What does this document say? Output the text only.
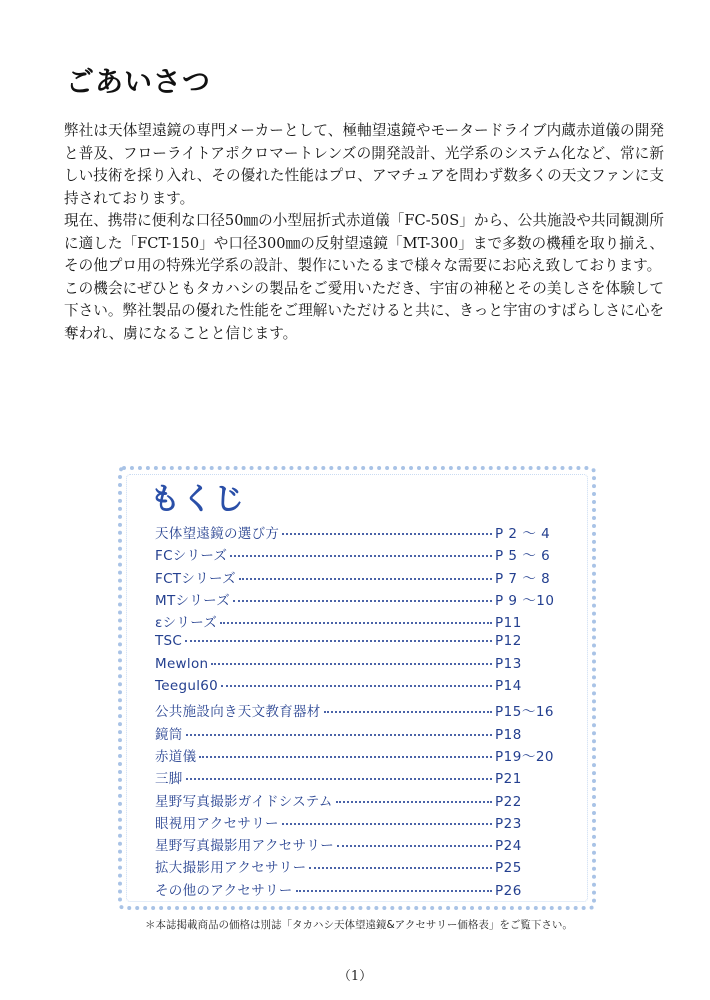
ごあいさつ

弊社は天体望遠鏡の専門メーカーとして、極軸望遠鏡やモータードライブ内蔵赤道儀の開発と普及、フローライトアポクロマートレンズの開発設計、光学系のシステム化など、常に新しい技術を採り入れ、その優れた性能はプロ、アマチュアを問わず数多くの天文ファンに支持されております。

現在、携帯に便利な口径50㎜の小型屈折式赤道儀「FC-50S」から、公共施設や共同観測所に適した「FCT-150」や口径300㎜の反射望遠鏡「MT-300」まで多数の機種を取り揃え、その他プロ用の特殊光学系の設計、製作にいたるまで様々な需要にお応え致しております。

この機会にぜひともタカハシの製品をご愛用いただき、宇宙の神秘とその美しさを体験して下さい。弊社製品の優れた性能をご理解いただけると共に、きっと宇宙のすばらしさに心を奪われ、虜になることと信じます。

もくじ
天体望遠鏡の選び方	P 2 ～ 4
FCシリーズ	P 5 ～ 6
FCTシリーズ	P 7 ～ 8
MTシリーズ	P 9 ～10
εシリーズ	P11
TSC	P12
Mewlon	P13
Teegul60	P14
公共施設向き天文教育器材	P15～16
鏡筒	P18
赤道儀	P19～20
三脚	P21
星野写真撮影ガイドシステム	P22
眼視用アクセサリー	P23
星野写真撮影用アクセサリー	P24
拡大撮影用アクセサリー	P25
その他のアクセサリー	P26
＊本誌掲載商品の価格は別誌「タカハシ天体望遠鏡&アクセサリー価格表」をご覧下さい。
（1）
